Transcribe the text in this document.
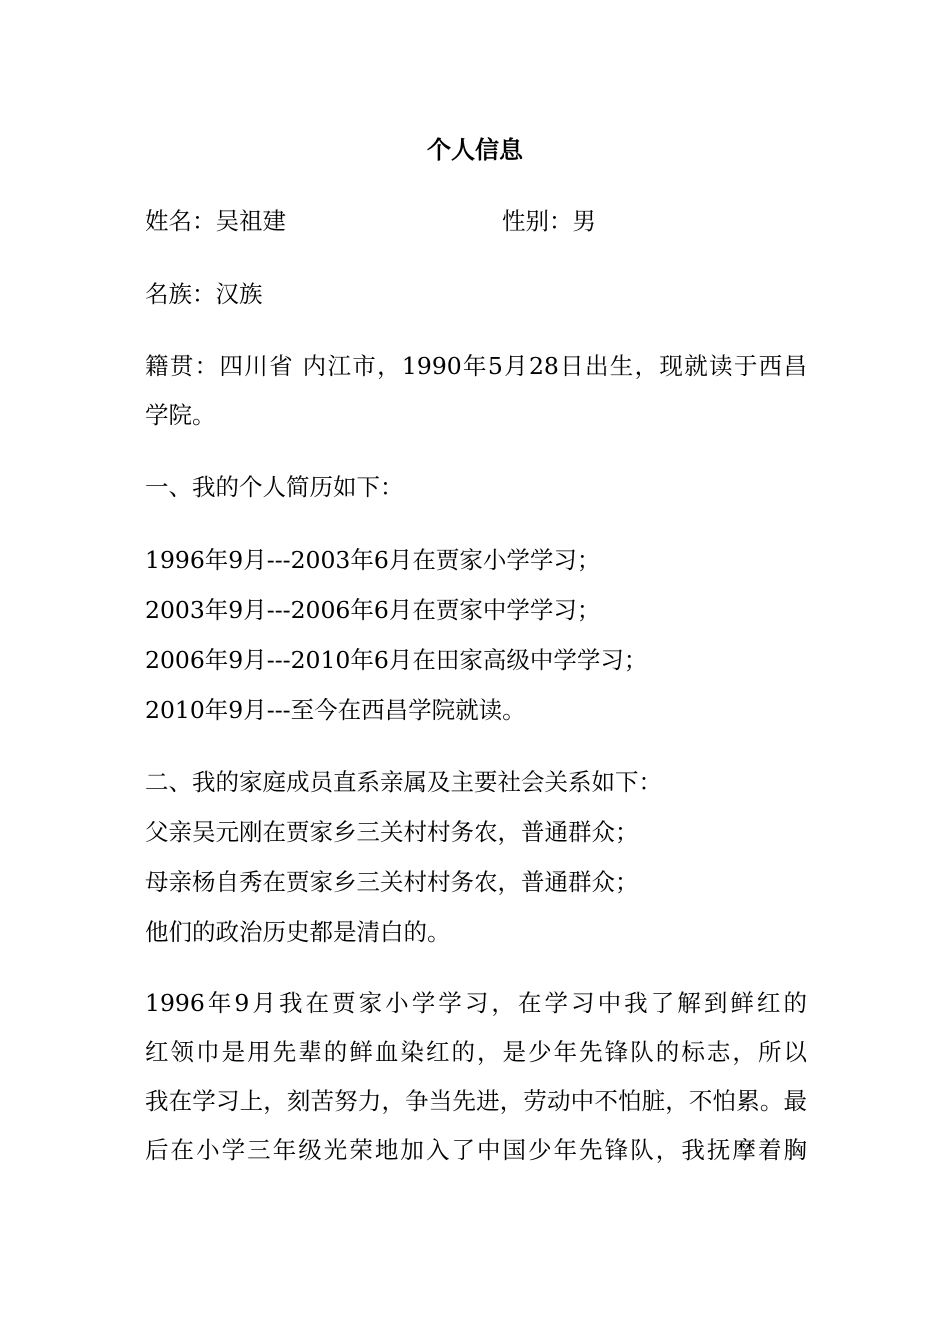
个人信息
姓名：吴祖建	性别：男
名族：汉族
籍贯：四川省 内江市，1990年5月28日出生，现就读于西昌
学院。
一、我的个人简历如下：
1996年9月---2003年6月在贾家小学学习；
2003年9月---2006年6月在贾家中学学习；
2006年9月---2010年6月在田家高级中学学习；
2010年9月---至今在西昌学院就读。
二、我的家庭成员直系亲属及主要社会关系如下：
父亲吴元刚在贾家乡三关村村务农，普通群众；
母亲杨自秀在贾家乡三关村村务农，普通群众；
他们的政治历史都是清白的。
1996年9月我在贾家小学学习，在学习中我了解到鲜红的
红领巾是用先辈的鲜血染红的，是少年先锋队的标志，所以
我在学习上，刻苦努力，争当先进，劳动中不怕脏，不怕累。最
后在小学三年级光荣地加入了中国少年先锋队，我抚摩着胸
